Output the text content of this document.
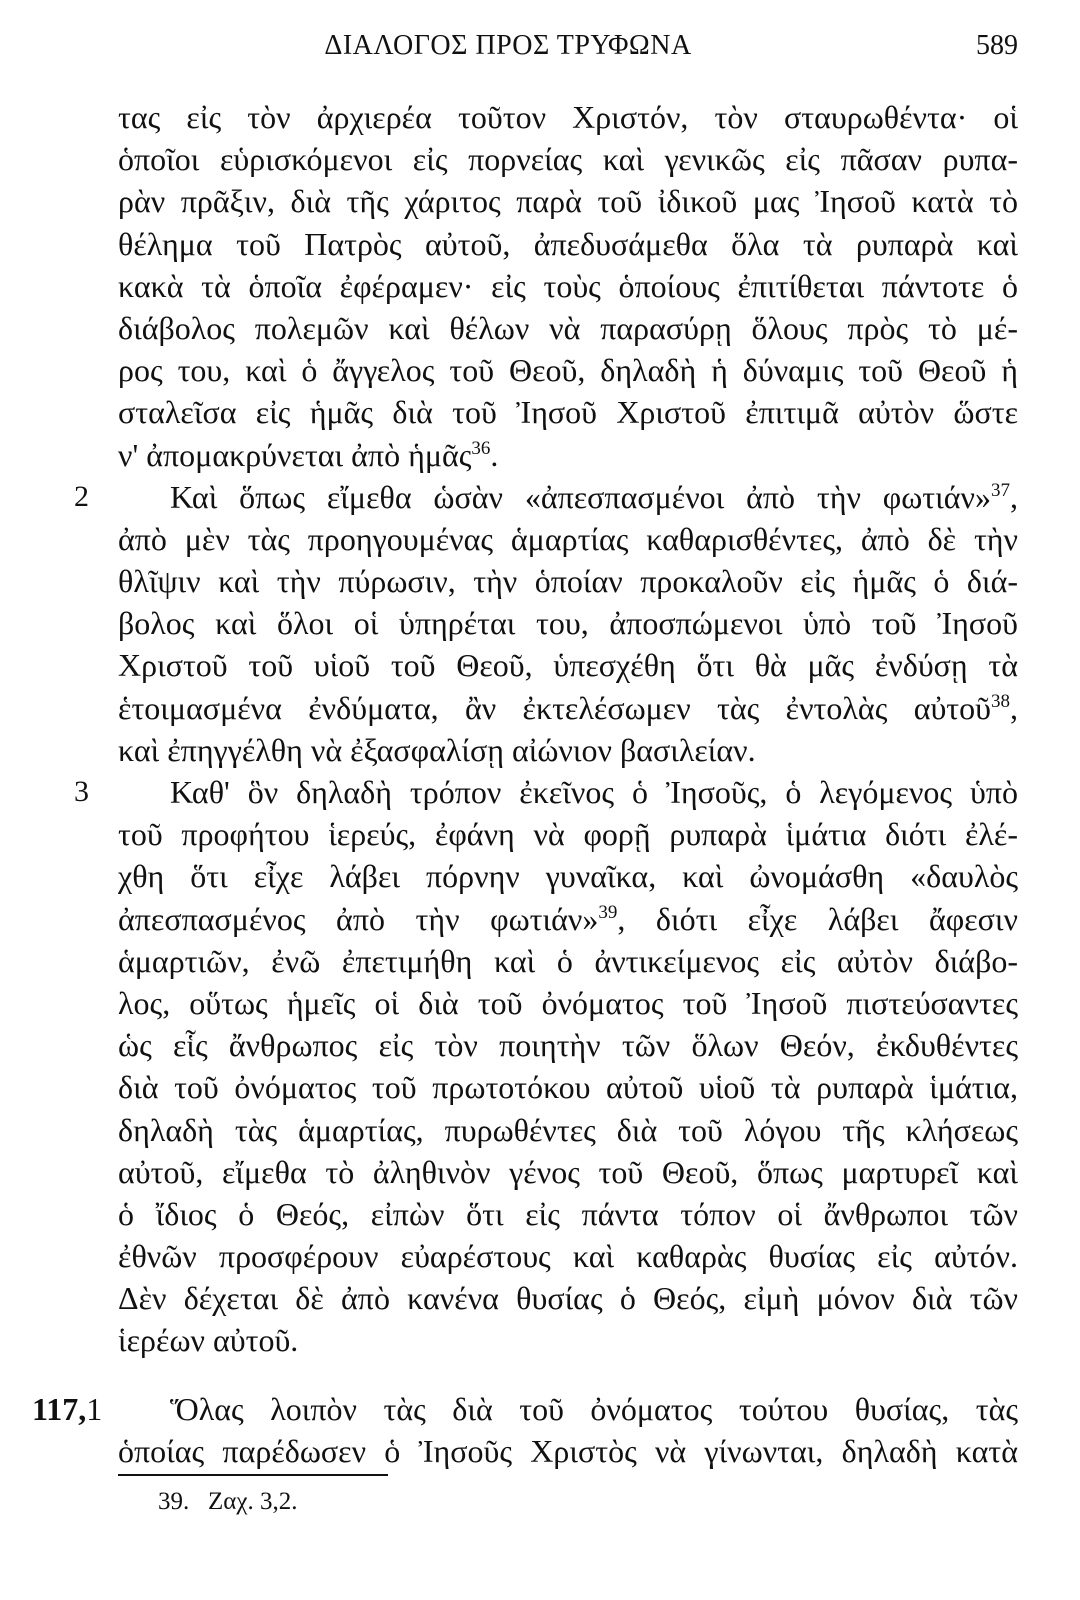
ΔΙΑΛΟΓΟΣ ΠΡΟΣ ΤΡΥΦΩΝΑ	589
τας εἰς τὸν ἀρχιερέα τοῦτον Χριστόν, τὸν σταυρωθέντα· οἱ
ὁποῖοι εὑρισκόμενοι εἰς πορνείας καὶ γενικῶς εἰς πᾶσαν ρυπα-
ρὰν πρᾶξιν, διὰ τῆς χάριτος παρὰ τοῦ ἰδικοῦ μας Ἰησοῦ κατὰ τὸ
θέλημα τοῦ Πατρὸς αὐτοῦ, ἀπεδυσάμεθα ὅλα τὰ ρυπαρὰ καὶ
κακὰ τὰ ὁποῖα ἐφέραμεν· εἰς τοὺς ὁποίους ἐπιτίθεται πάντοτε ὁ
διάβολος πολεμῶν καὶ θέλων νὰ παρασύρῃ ὅλους πρὸς τὸ μέ-
ρος του, καὶ ὁ ἄγγελος τοῦ Θεοῦ, δηλαδὴ ἡ δύναμις τοῦ Θεοῦ ἡ
σταλεῖσα εἰς ἡμᾶς διὰ τοῦ Ἰησοῦ Χριστοῦ ἐπιτιμᾶ αὐτὸν ὥστε
ν' ἀπομακρύνεται ἀπὸ ἡμᾶς$^{36}$.
2	Καὶ ὅπως εἴμεθα ὡσὰν «ἀπεσπασμένοι ἀπὸ τὴν φωτιάν»$^{37}$,
ἀπὸ μὲν τὰς προηγουμένας ἁμαρτίας καθαρισθέντες, ἀπὸ δὲ τὴν
θλῖψιν καὶ τὴν πύρωσιν, τὴν ὁποίαν προκαλοῦν εἰς ἡμᾶς ὁ διά-
βολος καὶ ὅλοι οἱ ὑπηρέται του, ἀποσπώμενοι ὑπὸ τοῦ Ἰησοῦ
Χριστοῦ τοῦ υἱοῦ τοῦ Θεοῦ, ὑπεσχέθη ὅτι θὰ μᾶς ἐνδύσῃ τὰ
ἑτοιμασμένα ἐνδύματα, ἂν ἐκτελέσωμεν τὰς ἐντολὰς αὐτοῦ$^{38}$,
καὶ ἐπηγγέλθη νὰ ἐξασφαλίσῃ αἰώνιον βασιλείαν.
3	Καθ' ὃν δηλαδὴ τρόπον ἐκεῖνος ὁ Ἰησοῦς, ὁ λεγόμενος ὑπὸ
τοῦ προφήτου ἱερεύς, ἐφάνη νὰ φορῇ ρυπαρὰ ἱμάτια διότι ἐλέ-
χθη ὅτι εἶχε λάβει πόρνην γυναῖκα, καὶ ὠνομάσθη «δαυλὸς
ἀπεσπασμένος ἀπὸ τὴν φωτιάν»$^{39}$, διότι εἶχε λάβει ἄφεσιν
ἁμαρτιῶν, ἐνῶ ἐπετιμήθη καὶ ὁ ἀντικείμενος εἰς αὐτὸν διάβο-
λος, οὕτως ἡμεῖς οἱ διὰ τοῦ ὀνόματος τοῦ Ἰησοῦ πιστεύσαντες
ὡς εἷς ἄνθρωπος εἰς τὸν ποιητὴν τῶν ὅλων Θεόν, ἐκδυθέντες
διὰ τοῦ ὀνόματος τοῦ πρωτοτόκου αὐτοῦ υἱοῦ τὰ ρυπαρὰ ἱμάτια,
δηλαδὴ τὰς ἁμαρτίας, πυρωθέντες διὰ τοῦ λόγου τῆς κλήσεως
αὐτοῦ, εἴμεθα τὸ ἀληθινὸν γένος τοῦ Θεοῦ, ὅπως μαρτυρεῖ καὶ
ὁ ἴδιος ὁ Θεός, εἰπὼν ὅτι εἰς πάντα τόπον οἱ ἄνθρωποι τῶν
ἐθνῶν προσφέρουν εὐαρέστους καὶ καθαρὰς θυσίας εἰς αὐτόν.
Δὲν δέχεται δὲ ἀπὸ κανένα θυσίας ὁ Θεός, εἰμὴ μόνον διὰ τῶν
ἱερέων αὐτοῦ.
117,1 Ὅλας λοιπὸν τὰς διὰ τοῦ ὀνόματος τούτου θυσίας, τὰς
ὁποίας παρέδωσεν ὁ Ἰησοῦς Χριστὸς νὰ γίνωνται, δηλαδὴ κατὰ
39. Ζαχ. 3,2.
